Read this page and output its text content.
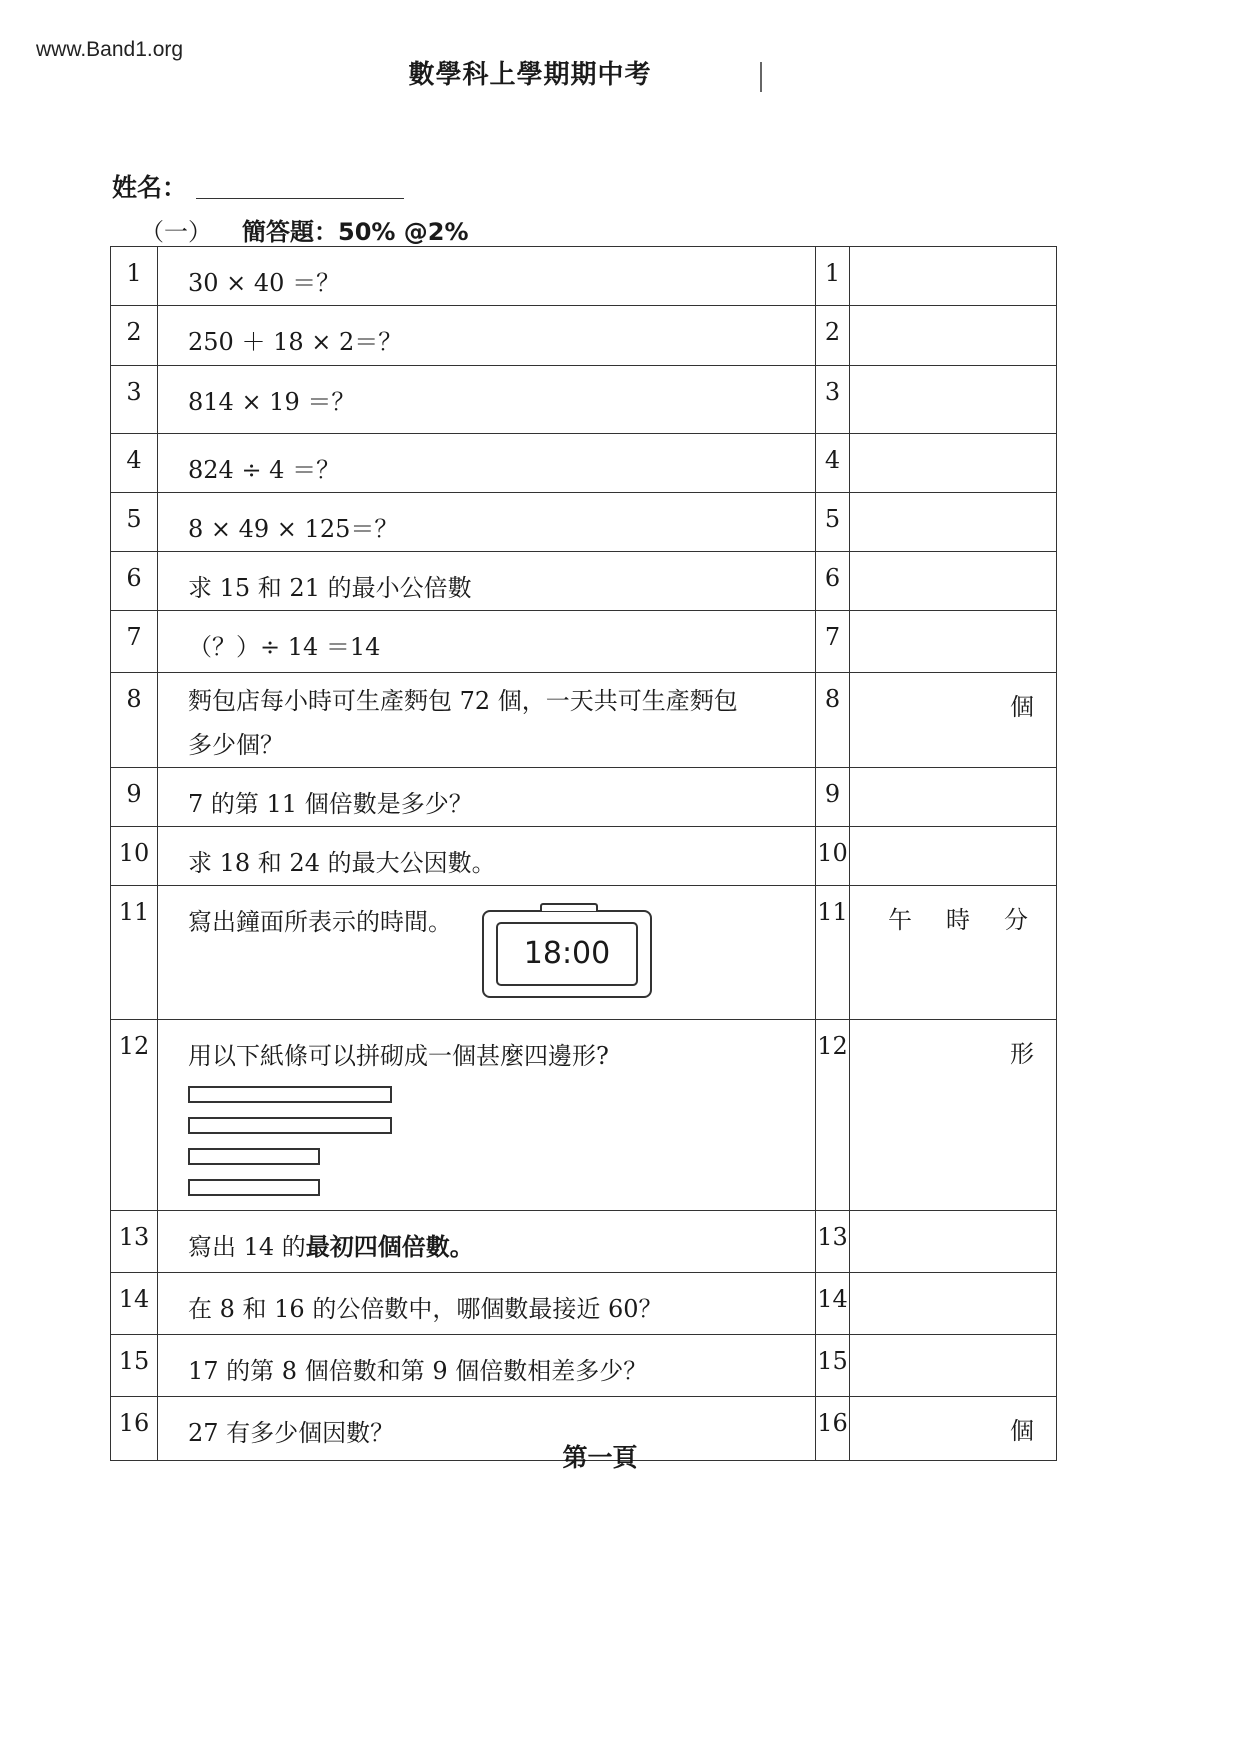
www.Band1.org
數學科上學期期中考
姓名：
（一） 簡答題：50% @2%
1	30 × 40 ＝？	1	
2	250 ＋ 18 × 2＝？	2	
3	814 × 19 ＝？	3	
4	824 ÷ 4 ＝？	4	
5	8 × 49 × 125＝？	5	
6	求 15 和 21 的最小公倍數	6	
7	（？）÷ 14 ＝14	7	
8	麪包店每小時可生產麪包 72 個，一天共可生產麪包
多少個？	8	個
9	7 的第 11 個倍數是多少？	9	
10	求 18 和 24 的最大公因數。	10	
11	寫出鐘面所表示的時間。
18:00	11	午 時 分

12	用以下紙條可以拼砌成一個甚麼四邊形?	12	形
13	寫出 14 的最初四個倍數。	13	
14	在 8 和 16 的公倍數中，哪個數最接近 60？	14	
15	17 的第 8 個倍數和第 9 個倍數相差多少？	15	
16	27 有多少個因數？	16	個
第一頁
